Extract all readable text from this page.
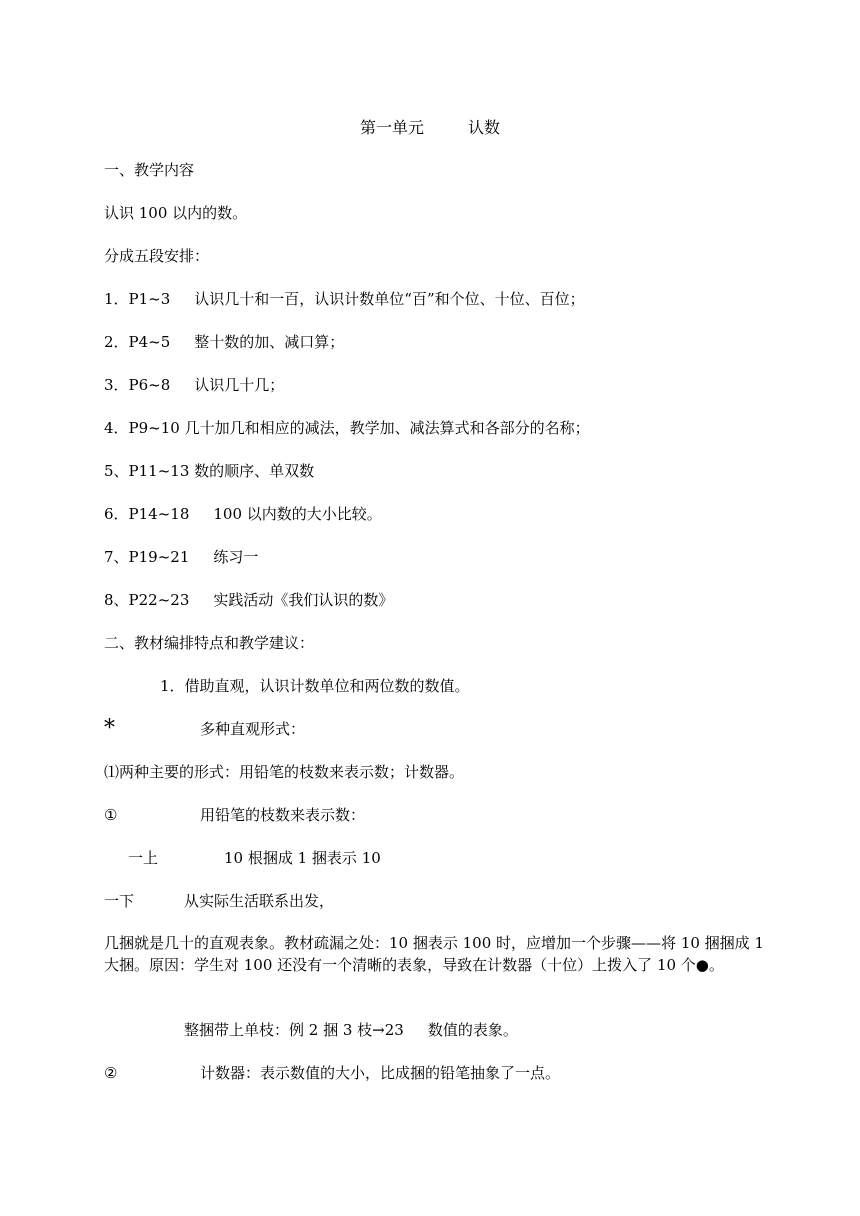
第一单元	认数
一、教学内容
认识 100 以内的数。
分成五段安排：
1．P1~3 认识几十和一百，认识计数单位“百”和个位、十位、百位；
2．P4~5 整十数的加、减口算；
3．P6~8 认识几十几；
4．P9~10 几十加几和相应的减法，教学加、减法算式和各部分的名称；
5、P11~13 数的顺序、单双数
6．P14~18 100 以内数的大小比较。
7、P19~21 练习一
8、P22~23 实践活动《我们认识的数》
二、教材编排特点和教学建议：
1．借助直观，认识计数单位和两位数的数值。
*	多种直观形式：
⑴两种主要的形式：用铅笔的枝数来表示数；计数器。
①	用铅笔的枝数来表示数：
一上	10 根捆成 1 捆表示 10
一下	从实际生活联系出发，
几捆就是几十的直观表象。教材疏漏之处：10 捆表示 100 时，应增加一个步骤——将 10 捆捆成 1 大捆。原因：学生对 100 还没有一个清晰的表象，导致在计数器（十位）上拨入了 10 个●。
整捆带上单枝：例 2 捆 3 枝→23 数值的表象。
②	计数器：表示数值的大小，比成捆的铅笔抽象了一点。
